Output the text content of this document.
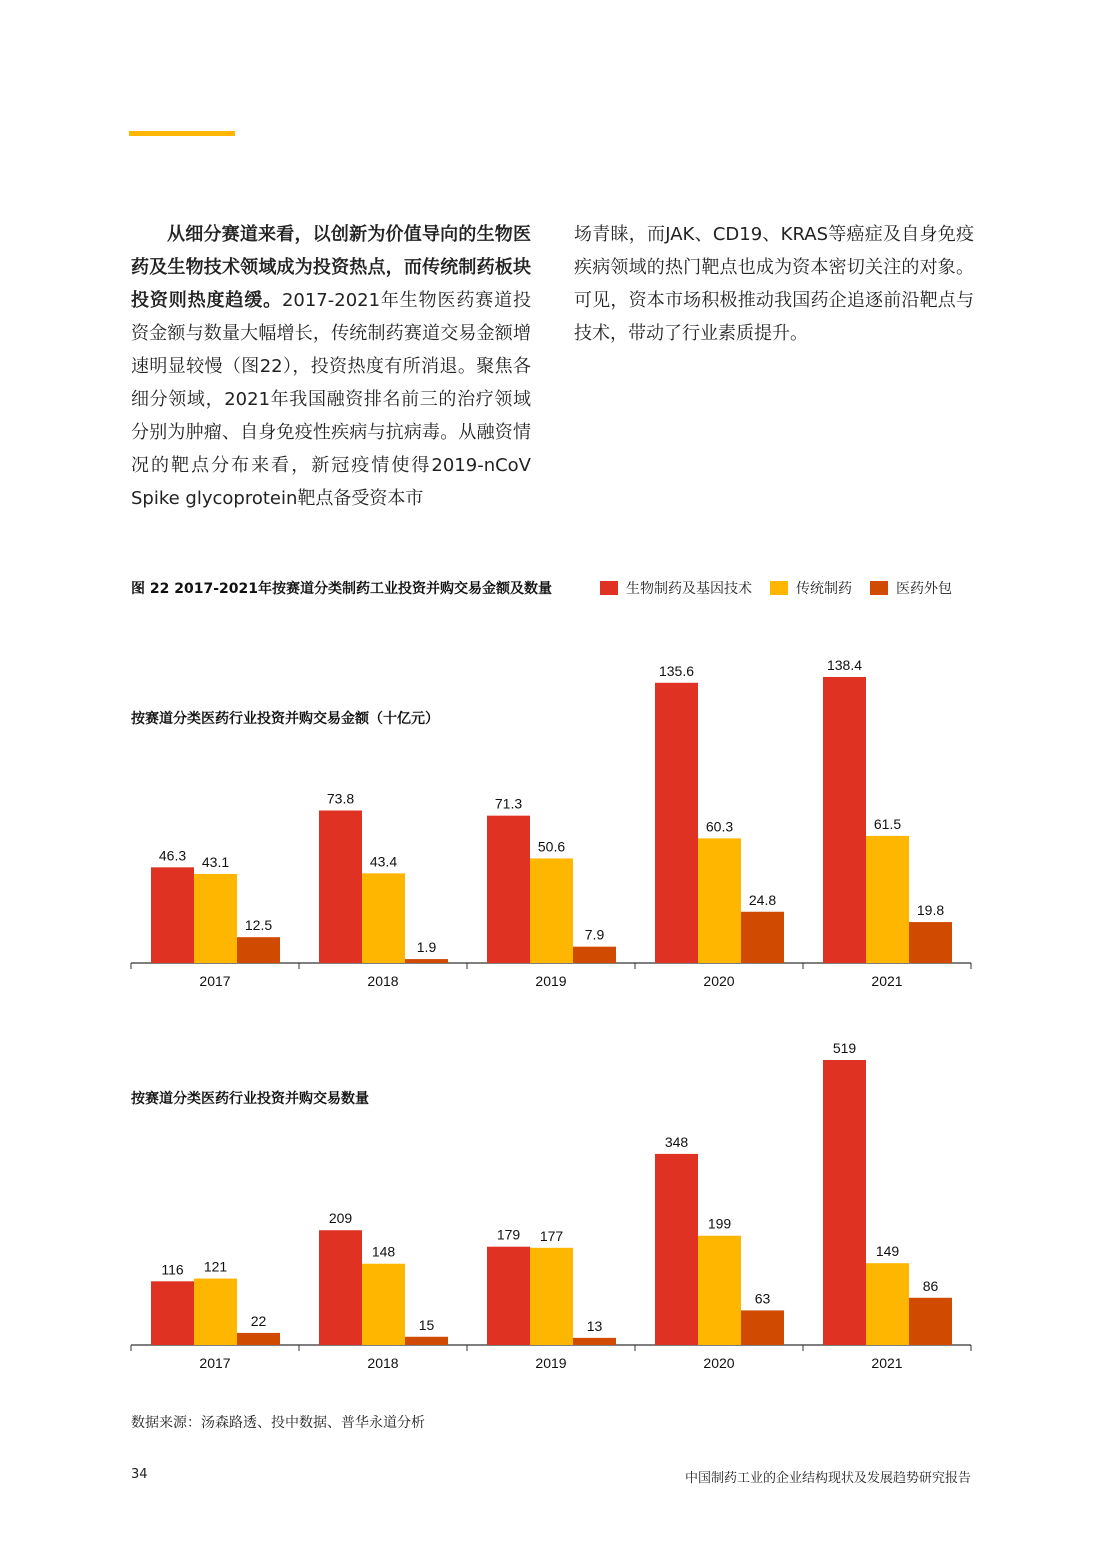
从细分赛道来看，以创新为价值导向的生物医药及生物技术领域成为投资热点，而传统制药板块投资则热度趋缓。2017-2021年生物医药赛道投资金额与数量大幅增长，传统制药赛道交易金额增速明显较慢（图22），投资热度有所消退。聚焦各细分领域，2021年我国融资排名前三的治疗领域分别为肿瘤、自身免疫性疾病与抗病毒。从融资情况的靶点分布来看，新冠疫情使得2019-nCoV Spike glycoprotein靶点备受资本市
场青睐，而JAK、CD19、KRAS等癌症及自身免疫疾病领域的热门靶点也成为资本密切关注的对象。可见，资本市场积极推动我国药企追逐前沿靶点与技术，带动了行业素质提升。
图 22 2017-2021年按赛道分类制药工业投资并购交易金额及数量	生物制药及基因技术	传统制药	医药外包
按赛道分类医药行业投资并购交易金额（十亿元）
46.3 43.1
12.5
2017
73.8
43.4
1.9
2018
71.3
50.6
7.9
2019
135.6
60.3
24.8
2020
138.4
61.5
19.8
2021
按赛道分类医药行业投资并购交易数量
116 121
22
2017
209
148
15
2018
179 177
13
2019
348
199
63
2020
519
149
86
2021
数据来源：汤森路透、投中数据、普华永道分析
34	中国制药工业的企业结构现状及发展趋势研究报告
